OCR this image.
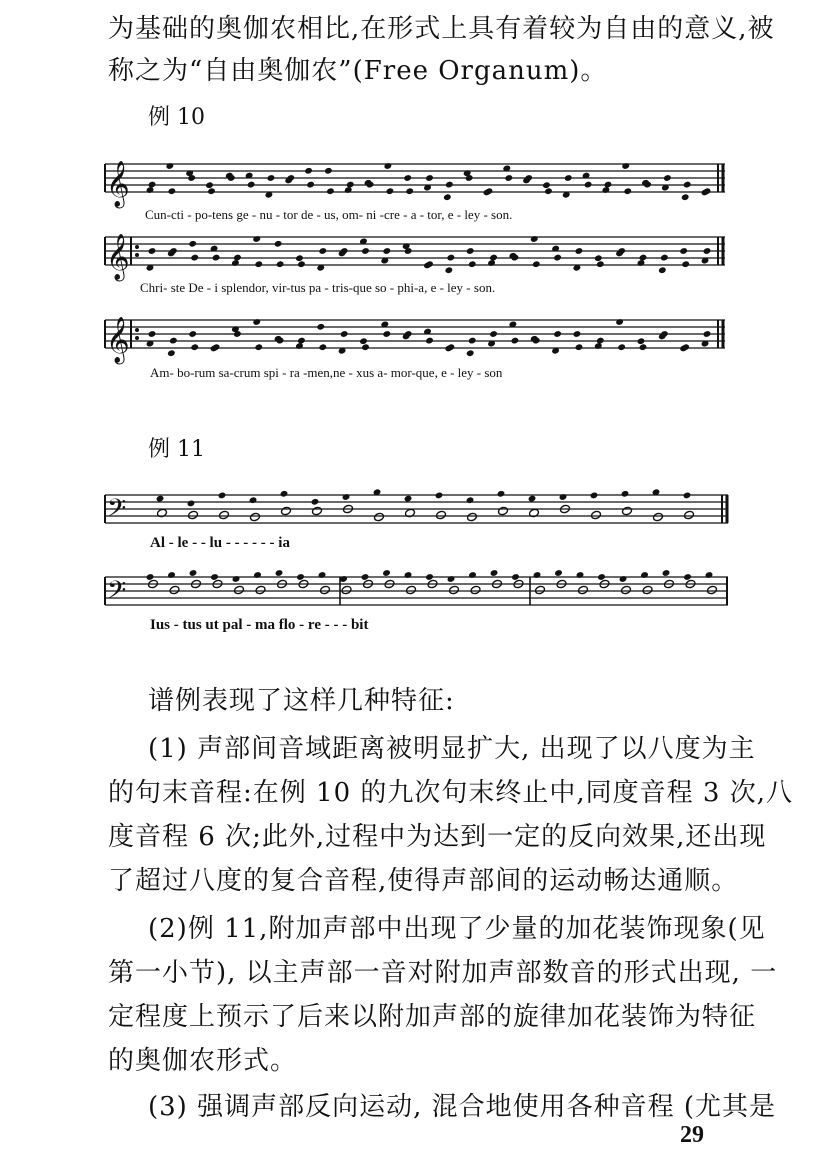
为基础的奥伽农相比,在形式上具有着较为自由的意义,被
称之为“自由奥伽农”(Free Organum)。
例 10
𝄞
𝄞
𝄞
Cun-cti - po-tens ge - nu - tor de - us, om- ni -cre - a - tor, e - ley - son.
Chri- ste De - i splendor, vir-tus pa - tris-que so - phi-a, e - ley - son.
Am- bo-rum sa-crum spi - ra -men,ne - xus a- mor-que, e - ley - son
例 11
𝄢
𝄢
Al - le - - lu - - - - - - ia
Ius - tus ut pal - ma flo - re - - - bit
谱例表现了这样几种特征:
(1) 声部间音域距离被明显扩大, 出现了以八度为主
的句末音程:在例 10 的九次句末终止中,同度音程 3 次,八
度音程 6 次;此外,过程中为达到一定的反向效果,还出现
了超过八度的复合音程,使得声部间的运动畅达通顺。
(2)例 11,附加声部中出现了少量的加花装饰现象(见
第一小节), 以主声部一音对附加声部数音的形式出现, 一
定程度上预示了后来以附加声部的旋律加花装饰为特征
的奥伽农形式。
(3) 强调声部反向运动, 混合地使用各种音程 (尤其是
29
